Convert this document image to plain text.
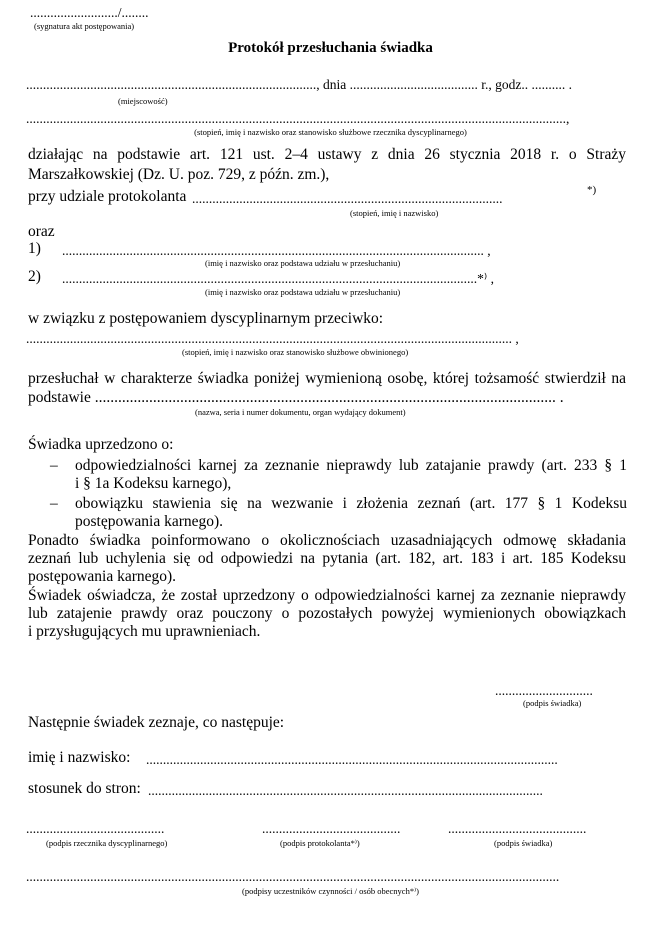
........................../........
(sygnatura akt postępowania)
Protokół przesłuchania świadka
......................................................................................, dnia ...................................... r., godz.. .......... .
(miejscowość)
................................................................................................................................................................,
(stopień, imię i nazwisko oraz stanowisko służbowe rzecznika dyscyplinarnego)
działając na podstawie art. 121 ust. 2–4 ustawy z dnia 26 stycznia 2018 r. o Straży
Marszałkowskiej (Dz. U. poz. 729, z późn. zm.),
przy udziale protokolanta ............................................................................................
*)
(stopień, imię i nazwisko)
oraz
1) ............................................................................................................................. ,
(imię i nazwisko oraz podstawa udziału w przesłuchaniu)
2) ...........................................................................................................................*⁾ ,
(imię i nazwisko oraz podstawa udziału w przesłuchaniu)
w związku z postępowaniem dyscyplinarnym przeciwko:
................................................................................................................................................ ,
(stopień, imię i nazwisko oraz stanowisko służbowe obwinionego)
przesłuchał w charakterze świadka poniżej wymienioną osobę, której tożsamość stwierdził na
podstawie ....................................................................................................................... .
(nazwa, seria i numer dokumentu, organ wydający dokument)
Świadka uprzedzono o:
– odpowiedzialności karnej za zeznanie nieprawdy lub zatajanie prawdy (art. 233 § 1
i § 1a Kodeksu karnego),
– obowiązku stawienia się na wezwanie i złożenia zeznań (art. 177 § 1 Kodeksu
postępowania karnego).
Ponadto świadka poinformowano o okolicznościach uzasadniających odmowę składania
zeznań lub uchylenia się od odpowiedzi na pytania (art. 182, art. 183 i art. 185 Kodeksu
postępowania karnego).
Świadek oświadcza, że został uprzedzony o odpowiedzialności karnej za zeznanie nieprawdy
lub zatajenie prawdy oraz pouczony o pozostałych powyżej wymienionych obowiązkach
i przysługujących mu uprawnieniach.
.............................
(podpis świadka)
Następnie świadek zeznaje, co następuje:
imię i nazwisko: ..........................................................................................................................
stosunek do stron: .....................................................................................................................
.........................................
(podpis rzecznika dyscyplinarnego)
.........................................
(podpis protokolanta*⁾)
.........................................
(podpis świadka)
..............................................................................................................................................................
(podpisy uczestników czynności / osób obecnych*⁾)
